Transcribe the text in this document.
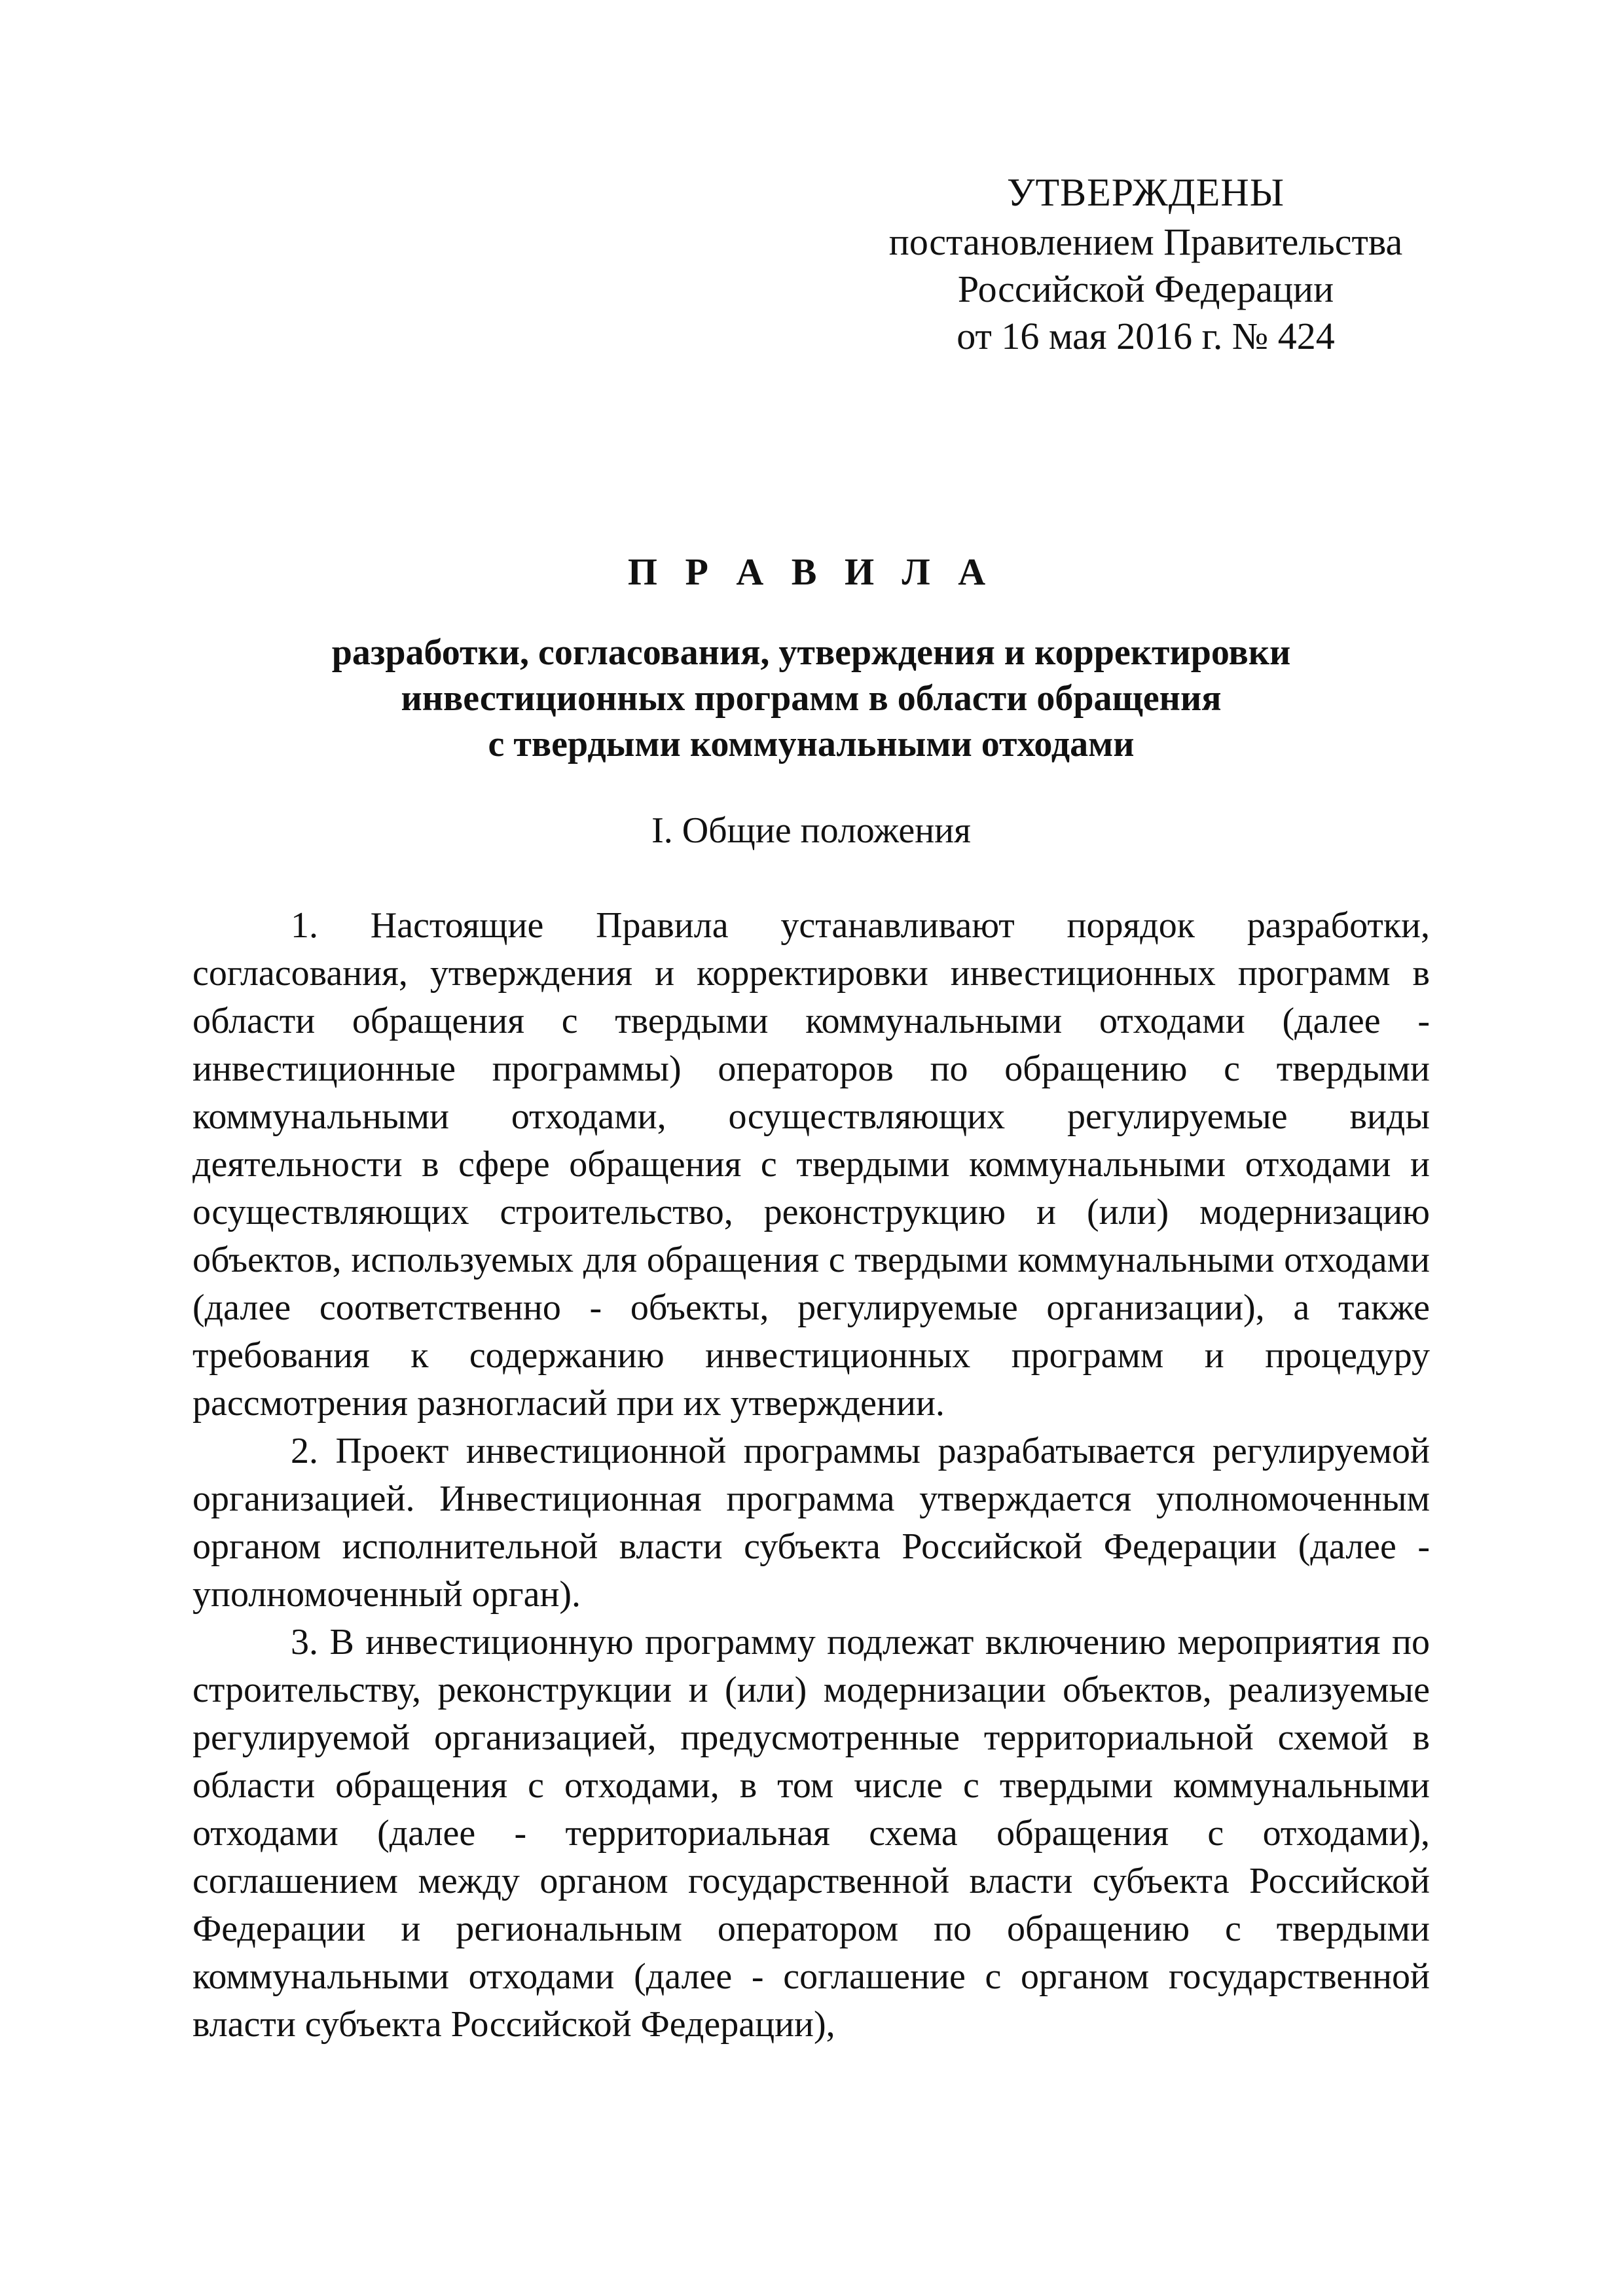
УТВЕРЖДЕНЫ
постановлением Правительства
Российской Федерации
от 16 мая 2016 г. № 424
П Р А В И Л А
разработки, согласования, утверждения и корректировки
инвестиционных программ в области обращения
с твердыми коммунальными отходами
I. Общие положения

1. Настоящие Правила устанавливают порядок разработки, согласования, утверждения и корректировки инвестиционных программ в области обращения с твердыми коммунальными отходами (далее - инвестиционные программы) операторов по обращению с твердыми коммунальными отходами, осуществляющих регулируемые виды деятельности в сфере обращения с твердыми коммунальными отходами и осуществляющих строительство, реконструкцию и (или) модернизацию объектов, используемых для обращения с твердыми коммунальными отходами (далее соответственно - объекты, регулируемые организации), а также требования к содержанию инвестиционных программ и процедуру рассмотрения разногласий при их утверждении.

2. Проект инвестиционной программы разрабатывается регулируемой организацией. Инвестиционная программа утверждается уполномоченным органом исполнительной власти субъекта Российской Федерации (далее - уполномоченный орган).

3. В инвестиционную программу подлежат включению мероприятия по строительству, реконструкции и (или) модернизации объектов, реализуемые регулируемой организацией, предусмотренные территориальной схемой в области обращения с отходами, в том числе с твердыми коммунальными отходами (далее - территориальная схема обращения с отходами), соглашением между органом государственной власти субъекта Российской Федерации и региональным оператором по обращению с твердыми коммунальными отходами (далее - соглашение с органом государственной власти субъекта Российской Федерации),
